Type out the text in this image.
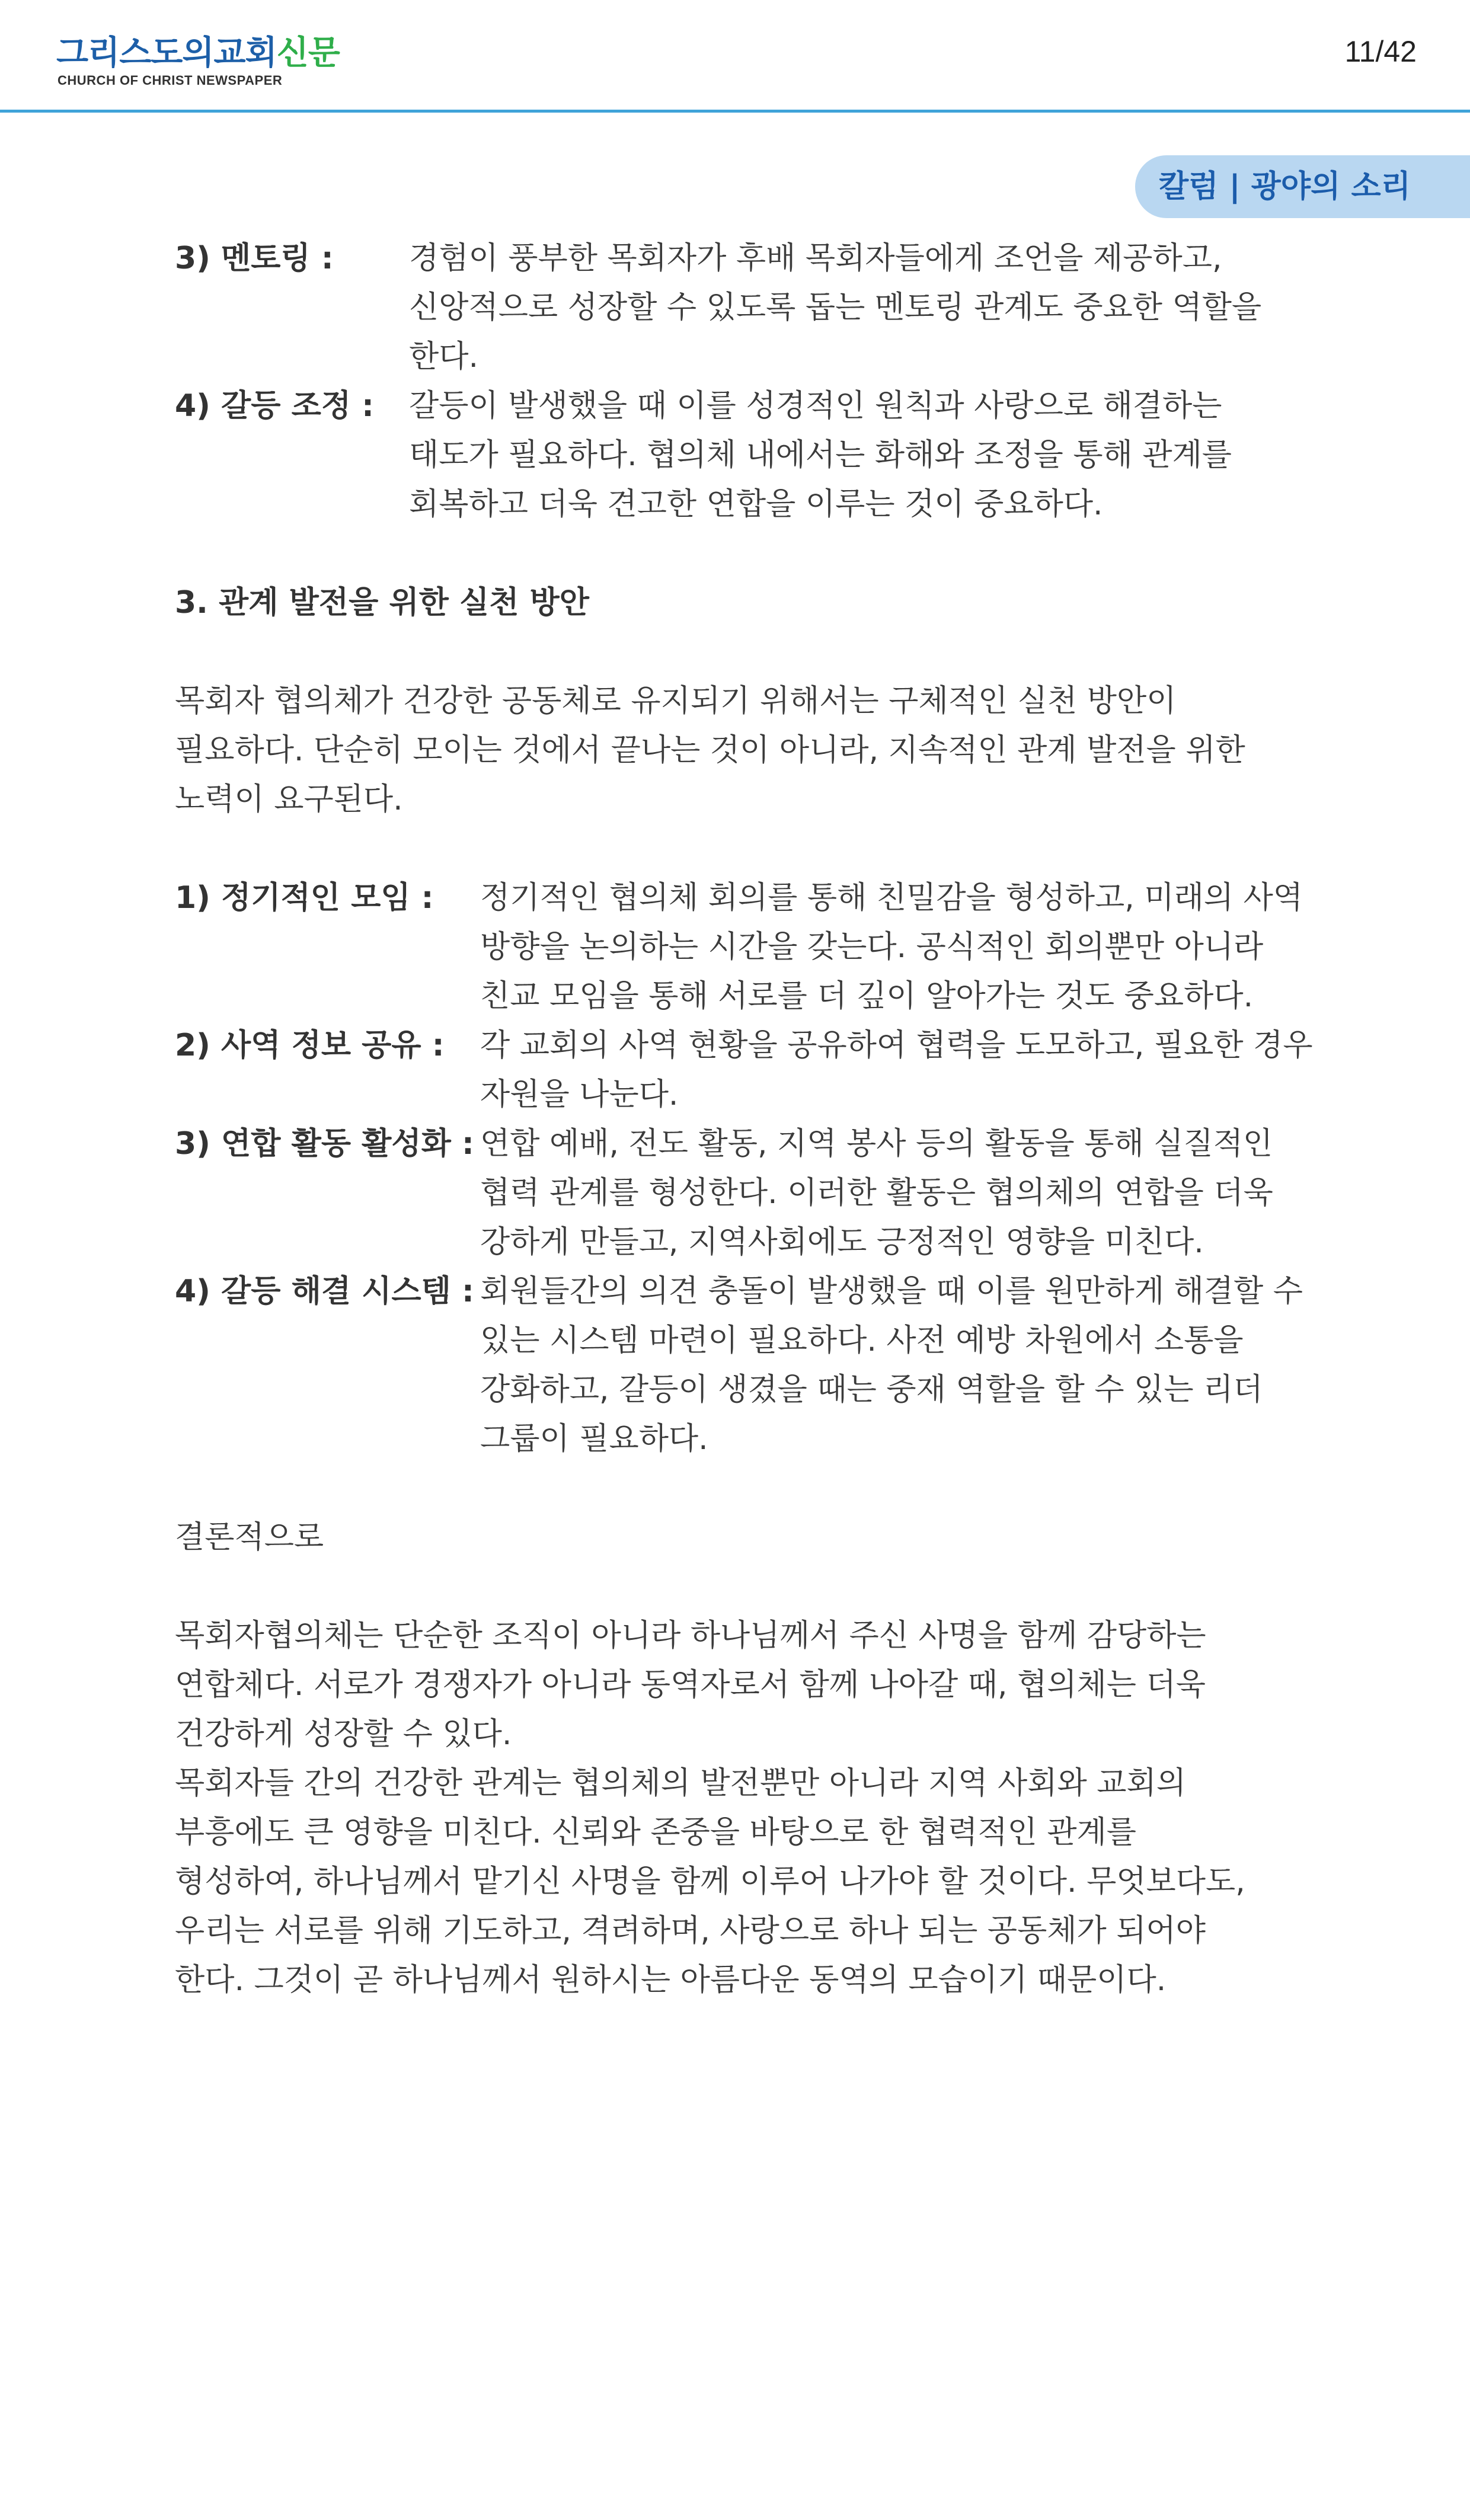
그리스도의교회신문
CHURCH OF CHRIST NEWSPAPER
11/42
칼럼 | 광야의 소리
3) 멘토링 :	경험이 풍부한 목회자가 후배 목회자들에게 조언을 제공하고,
신앙적으로 성장할 수 있도록 돕는 멘토링 관계도 중요한 역할을
한다.
4) 갈등 조정 :	갈등이 발생했을 때 이를 성경적인 원칙과 사랑으로 해결하는
태도가 필요하다. 협의체 내에서는 화해와 조정을 통해 관계를
회복하고 더욱 견고한 연합을 이루는 것이 중요하다.
3. 관계 발전을 위한 실천 방안
목회자 협의체가 건강한 공동체로 유지되기 위해서는 구체적인 실천 방안이
필요하다. 단순히 모이는 것에서 끝나는 것이 아니라, 지속적인 관계 발전을 위한
노력이 요구된다.
1) 정기적인 모임 :	정기적인 협의체 회의를 통해 친밀감을 형성하고, 미래의 사역
방향을 논의하는 시간을 갖는다. 공식적인 회의뿐만 아니라
친교 모임을 통해 서로를 더 깊이 알아가는 것도 중요하다.
2) 사역 정보 공유 :	각 교회의 사역 현황을 공유하여 협력을 도모하고, 필요한 경우
자원을 나눈다.
3) 연합 활동 활성화 : 연합 예배, 전도 활동, 지역 봉사 등의 활동을 통해 실질적인
협력 관계를 형성한다. 이러한 활동은 협의체의 연합을 더욱
강하게 만들고, 지역사회에도 긍정적인 영향을 미친다.
4) 갈등 해결 시스템 : 회원들간의 의견 충돌이 발생했을 때 이를 원만하게 해결할 수
있는 시스템 마련이 필요하다. 사전 예방 차원에서 소통을
강화하고, 갈등이 생겼을 때는 중재 역할을 할 수 있는 리더
그룹이 필요하다.
결론적으로
목회자협의체는 단순한 조직이 아니라 하나님께서 주신 사명을 함께 감당하는
연합체다. 서로가 경쟁자가 아니라 동역자로서 함께 나아갈 때, 협의체는 더욱
건강하게 성장할 수 있다.
목회자들 간의 건강한 관계는 협의체의 발전뿐만 아니라 지역 사회와 교회의
부흥에도 큰 영향을 미친다. 신뢰와 존중을 바탕으로 한 협력적인 관계를
형성하여, 하나님께서 맡기신 사명을 함께 이루어 나가야 할 것이다. 무엇보다도,
우리는 서로를 위해 기도하고, 격려하며, 사랑으로 하나 되는 공동체가 되어야
한다. 그것이 곧 하나님께서 원하시는 아름다운 동역의 모습이기 때문이다.
